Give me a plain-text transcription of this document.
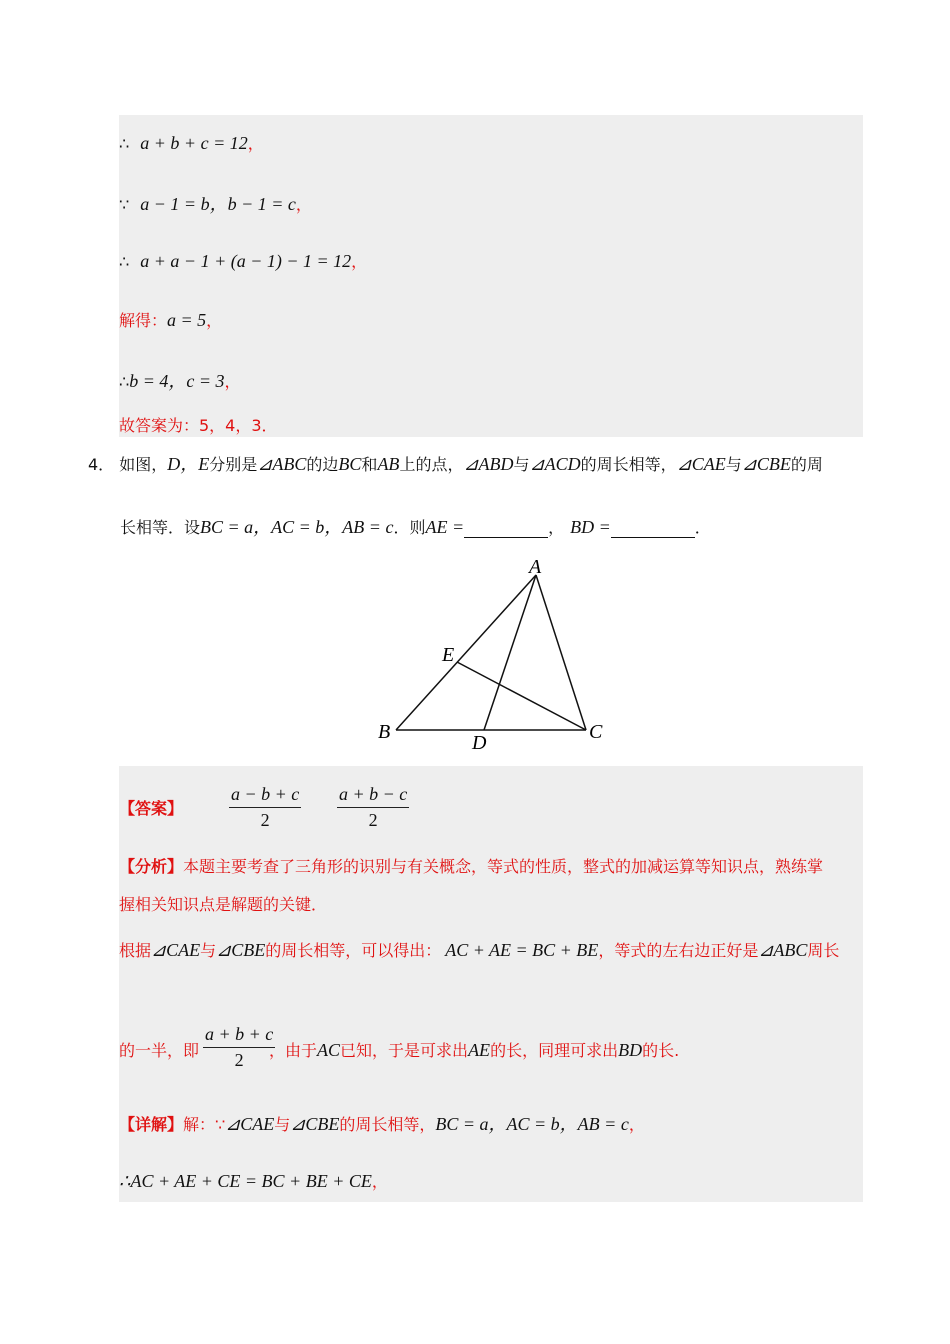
∴ a + b + c = 12，
∵ a − 1 = b，b − 1 = c，
∴ a + a − 1 + (a − 1) − 1 = 12，
解得：a = 5，
∴b = 4，c = 3，
故答案为：5，4，3．
4． 如图，D，E分别是⊿ABC的边BC和AB上的点，⊿ABD与⊿ACD的周长相等，⊿CAE与⊿CBE的周
长相等．设BC = a，AC = b，AB = c．则AE =	， BD =	．
A
B	C
D
E
【答案】	$\frac{a - b + c}{2} \frac{a + b - c}{2}$
【分析】本题主要考查了三角形的识别与有关概念，等式的性质，整式的加减运算等知识点，熟练掌
握相关知识点是解题的关键．
根据⊿CAE与⊿CBE的周长相等，可以得出： AC + AE = BC + BE，等式的左右边正好是⊿ABC周长
的一半，即	，由于AC已知，于是可求出AE的长，同理可求出BD的长.
$\frac{a + b + c}{2}$
【详解】解：∵⊿CAE与⊿CBE的周长相等，BC = a，AC = b，AB = c，
∴AC + AE + CE = BC + BE + CE，
